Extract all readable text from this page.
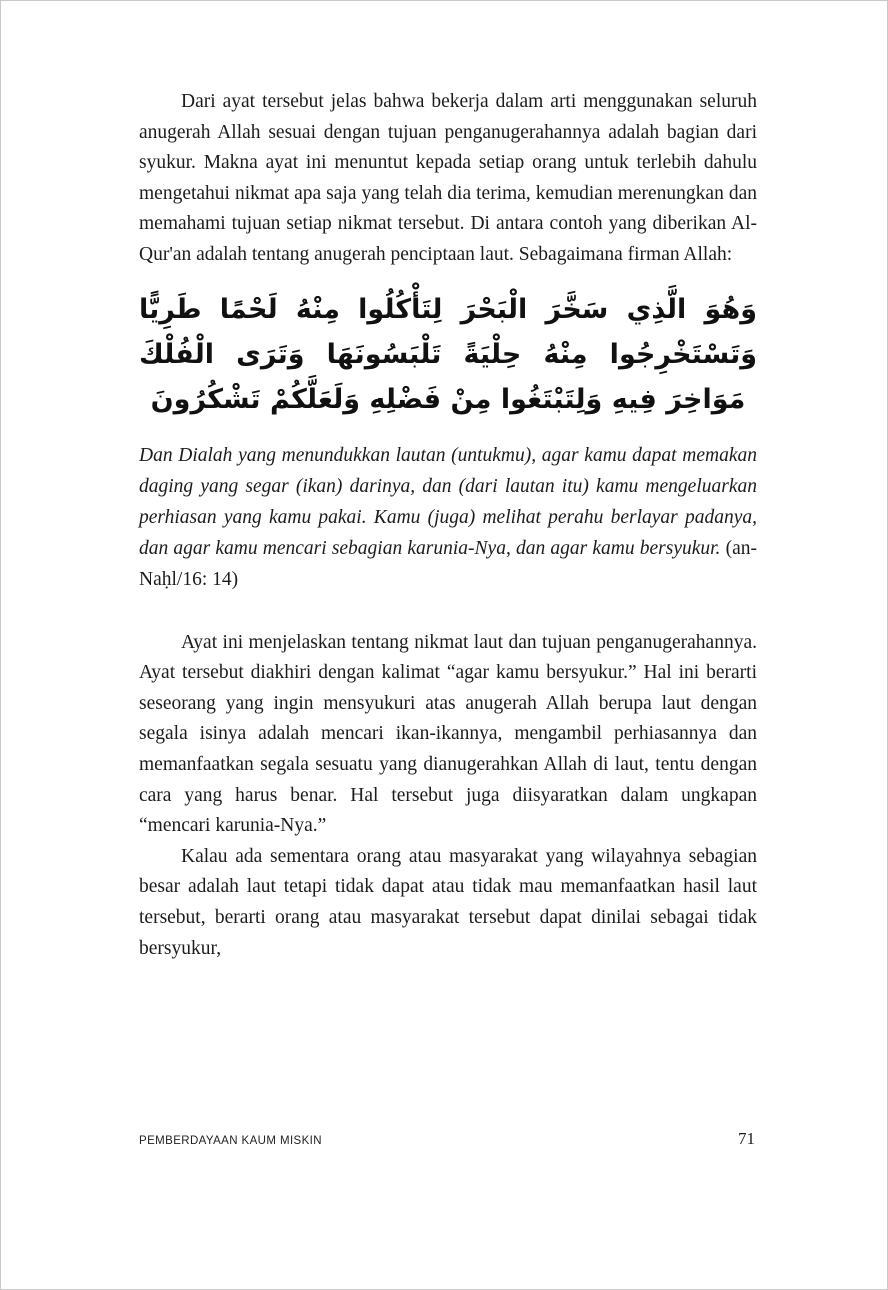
Dari ayat tersebut jelas bahwa bekerja dalam arti menggunakan seluruh anugerah Allah sesuai dengan tujuan penganugerahannya adalah bagian dari syukur. Makna ayat ini menuntut kepada setiap orang untuk terlebih dahulu mengetahui nikmat apa saja yang telah dia terima, kemudian merenungkan dan memahami tujuan setiap nikmat tersebut. Di antara contoh yang diberikan Al-Qur'an adalah tentang anugerah penciptaan laut. Sebagaimana firman Allah:

وَهُوَ الَّذِي سَخَّرَ الْبَحْرَ لِتَأْكُلُوا مِنْهُ لَحْمًا طَرِيًّا وَتَسْتَخْرِجُوا مِنْهُ حِلْيَةً تَلْبَسُونَهَا وَتَرَى الْفُلْكَ مَوَاخِرَ فِيهِ وَلِتَبْتَغُوا مِنْ فَضْلِهِ وَلَعَلَّكُمْ تَشْكُرُونَ

Dan Dialah yang menundukkan lautan (untukmu), agar kamu dapat memakan daging yang segar (ikan) darinya, dan (dari lautan itu) kamu mengeluarkan perhiasan yang kamu pakai. Kamu (juga) melihat perahu berlayar padanya, dan agar kamu mencari sebagian karunia-Nya, dan agar kamu bersyukur. (an-Naḥl/16: 14)

Ayat ini menjelaskan tentang nikmat laut dan tujuan penganugerahannya. Ayat tersebut diakhiri dengan kalimat “agar kamu bersyukur.” Hal ini berarti seseorang yang ingin mensyukuri atas anugerah Allah berupa laut dengan segala isinya adalah mencari ikan-ikannya, mengambil perhiasannya dan memanfaatkan segala sesuatu yang dianugerahkan Allah di laut, tentu dengan cara yang harus benar. Hal tersebut juga diisyaratkan dalam ungkapan “mencari karunia-Nya.”

Kalau ada sementara orang atau masyarakat yang wilayahnya sebagian besar adalah laut tetapi tidak dapat atau tidak mau memanfaatkan hasil laut tersebut, berarti orang atau masyarakat tersebut dapat dinilai sebagai tidak bersyukur,

PEMBERDAYAAN KAUM MISKIN	71
